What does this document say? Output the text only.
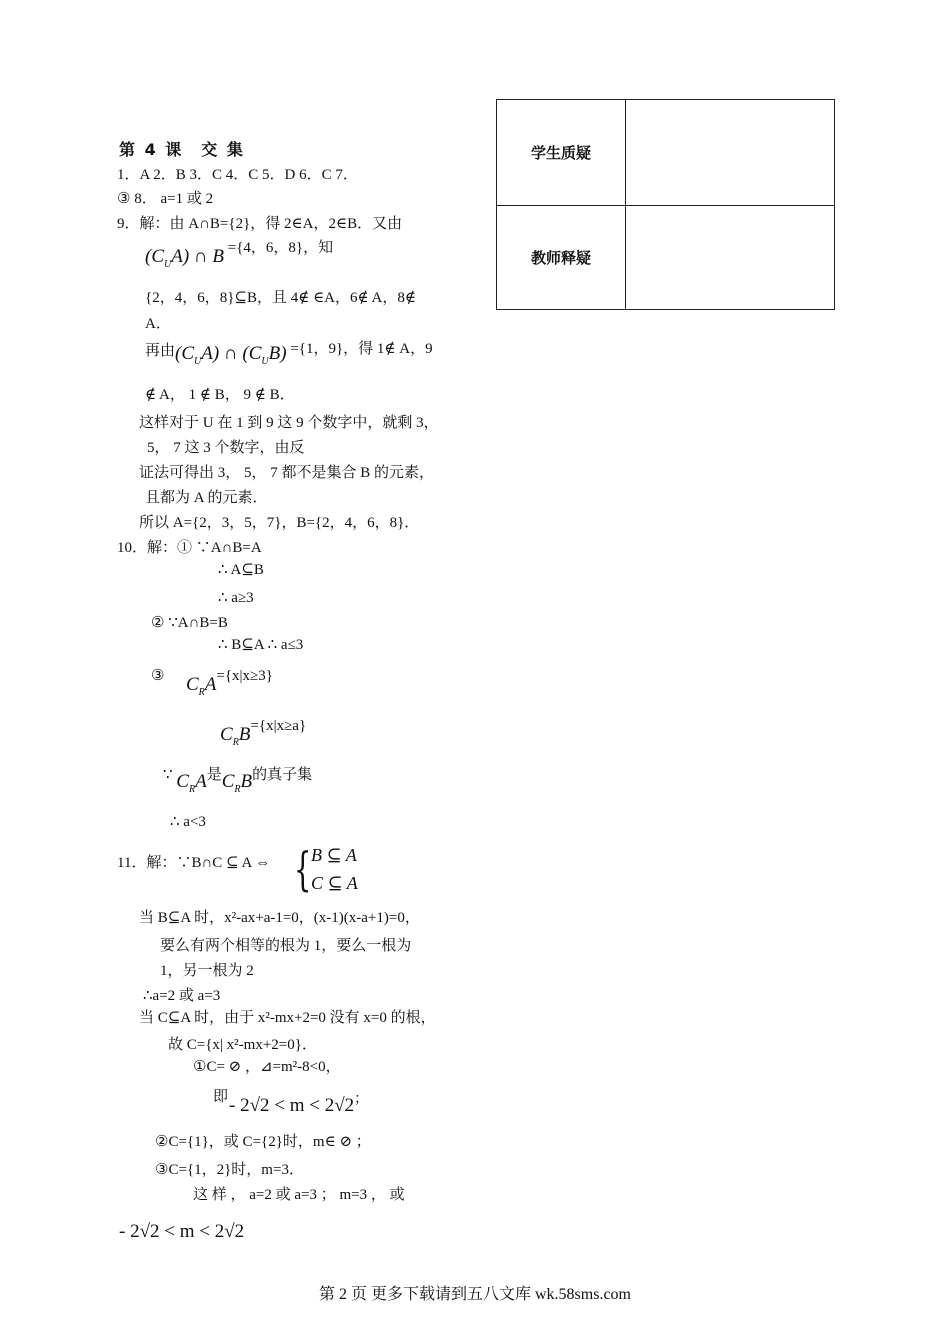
学生质疑
教师释疑
第 4 课　交 集
1．A 2．B 3．C 4．C 5．D 6．C 7．
③ 8． a=1 或 2
9．解：由 A∩B={2}，得 2∈A，2∈B．又由
$(C_UA)$ ∩ B ={4，6，8}，知
{2，4，6，8}⊆B，且 4∉ ∈A，6∉ A，8∉
A．
再由$(C_UA)$ ∩ $(C_UB) =\{1$，9}，得 1∉ A，9
∉ A， 1 ∉ B， 9 ∉ B．
这样对于 U 在 1 到 9 这 9 个数字中，就剩 3，
5， 7 这 3 个数字，由反
证法可得出 3， 5， 7 都不是集合 B 的元素，
且都为 A 的元素．
所以 A={2，3，5，7}，B={2，4，6，8}．
10．解：① ∵A∩B=A
∴ A⊆B
∴ a≥3
② ∵A∩B=B
∴ B⊆A ∴ a≤3
③ $C_RA=\{x|x\ge 3\}$
$C_RB=\{x|x\ge a\}$
∵ $C_RA$是$C_RB$的真子集
∴ a<3
11．解：∵B∩C ⊆ A ⇔ { B ⊆ A
C ⊆ A
当 B⊆A 时，x²-ax+a-1=0，(x-1)(x-a+1)=0，
要么有两个相等的根为 1，要么一根为
1，另一根为 2
∴a=2 或 a=3
当 C⊆A 时，由于 x²-mx+2=0 没有 x=0 的根，
故 C={x| x²-mx+2=0}．
①C= ⊘ ，⊿=m²-8<0，
即 - 2√2 < m < 2√2；
②C={1}，或 C={2}时，m∈ ⊘ ；
③C={1，2}时，m=3．
这 样 ， a=2 或 a=3 ； m=3 ， 或
- 2√2 < m < 2√2
第 2 页 更多下载请到五八文库 wk.58sms.com
